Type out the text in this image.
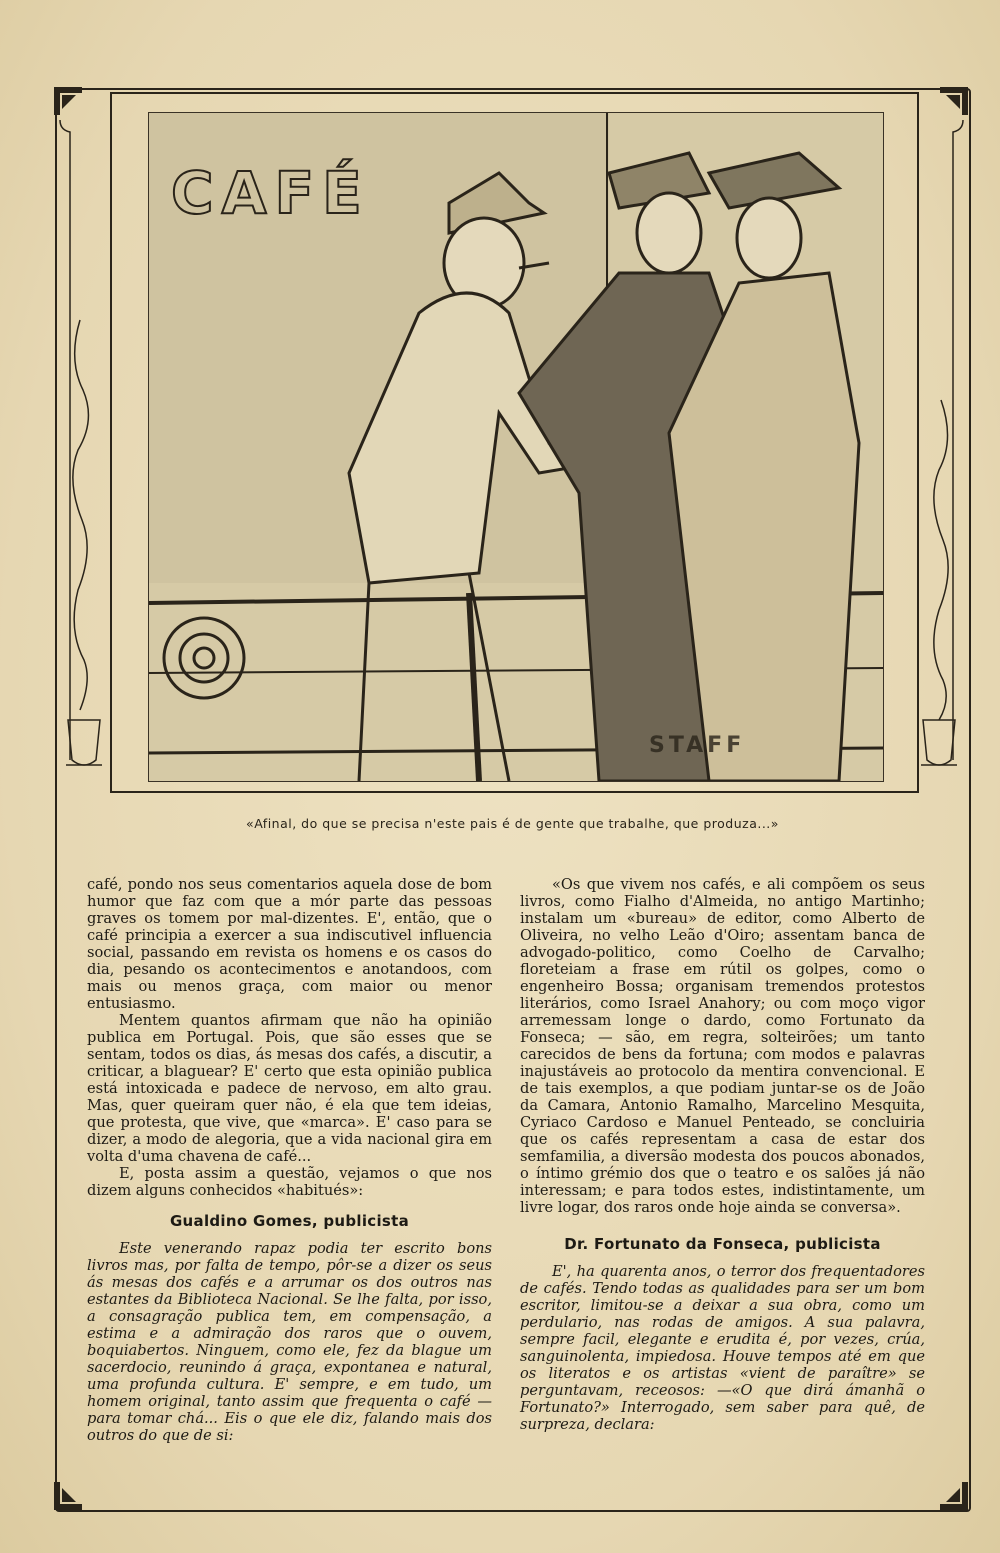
CAFÉ
STAFF
«Afinal, do que se precisa n'este pais é de gente que trabalhe, que produza...»

café, pondo nos seus comentarios aquela dose de bom humor que faz com que a mór parte das pessoas graves os tomem por mal-dizentes. E', então, que o café principia a exercer a sua indiscutivel influencia social, passando em revista os homens e os casos do dia, pesando os acontecimentos e anotandoos, com mais ou menos graça, com maior ou menor entusiasmo.

Mentem quantos afirmam que não ha opinião publica em Portugal. Pois, que são esses que se sentam, todos os dias, ás mesas dos cafés, a discutir, a criticar, a blaguear? E' certo que esta opinião publica está intoxicada e padece de nervoso, em alto grau. Mas, quer queiram quer não, é ela que tem ideias, que protesta, que vive, que «marca». E' caso para se dizer, a modo de alegoria, que a vida nacional gira em volta d'uma chavena de café...

E, posta assim a questão, vejamos o que nos dizem alguns conhecidos «habitués»:

Gualdino Gomes, publicista

Este venerando rapaz podia ter escrito bons livros mas, por falta de tempo, pôr-se a dizer os seus ás mesas dos cafés e a arrumar os dos outros nas estantes da Biblioteca Nacional. Se lhe falta, por isso, a consagração publica tem, em compensação, a estima e a admiração dos raros que o ouvem, boquiabertos. Ninguem, como ele, fez da blague um sacerdocio, reunindo á graça, expontanea e natural, uma profunda cultura. E' sempre, e em tudo, um homem original, tanto assim que frequenta o café — para tomar chá... Eis o que ele diz, falando mais dos outros do que de si:

«Os que vivem nos cafés, e ali compõem os seus livros, como Fialho d'Almeida, no antigo Martinho; instalam um «bureau» de editor, como Alberto de Oliveira, no velho Leão d'Oiro; assentam banca de advogado-politico, como Coelho de Carvalho; floreteiam a frase em rútil os golpes, como o engenheiro Bossa; organisam tremendos protestos literários, como Israel Anahory; ou com moço vigor arremessam longe o dardo, como Fortunato da Fonseca; — são, em regra, solteirões; um tanto carecidos de bens da fortuna; com modos e palavras inajustáveis ao protocolo da mentira convencional. E de tais exemplos, a que podiam juntar-se os de João da Camara, Antonio Ramalho, Marcelino Mesquita, Cyriaco Cardoso e Manuel Penteado, se concluiria que os cafés representam a casa de estar dos semfamilia, a diversão modesta dos poucos abonados, o íntimo grémio dos que o teatro e os salões já não interessam; e para todos estes, indistintamente, um livre logar, dos raros onde hoje ainda se conversa».

Dr. Fortunato da Fonseca, publicista

E', ha quarenta anos, o terror dos frequentadores de cafés. Tendo todas as qualidades para ser um bom escritor, limitou-se a deixar a sua obra, como um perdulario, nas rodas de amigos. A sua palavra, sempre facil, elegante e erudita é, por vezes, crúa, sanguinolenta, impiedosa. Houve tempos até em que os literatos e os artistas «vient de paraître» se perguntavam, receosos: —«O que dirá ámanhã o Fortunato?» Interrogado, sem saber para quê, de surpreza, declara:
